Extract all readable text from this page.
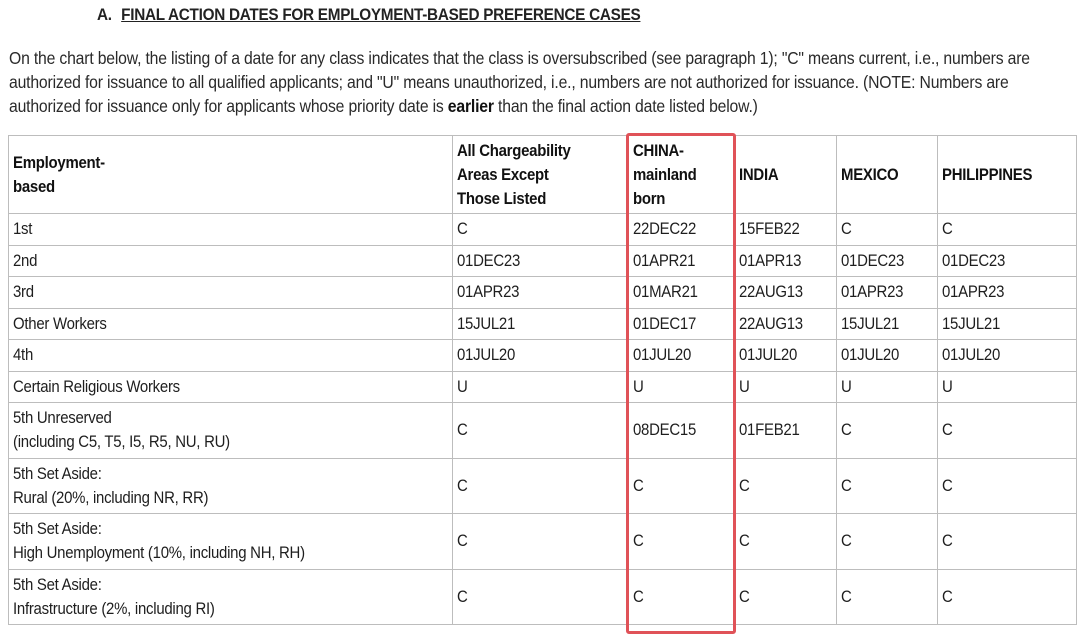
A. FINAL ACTION DATES FOR EMPLOYMENT-BASED PREFERENCE CASES
On the chart below, the listing of a date for any class indicates that the class is oversubscribed (see paragraph 1); "C" means current, i.e., numbers are authorized for issuance to all qualified applicants; and "U" means unauthorized, i.e., numbers are not authorized for issuance. (NOTE: Numbers are authorized for issuance only for applicants whose priority date is earlier than the final action date listed below.)
Employment-
based	All Chargeability
Areas Except
Those Listed	CHINA-
mainland
born	INDIA	MEXICO	PHILIPPINES
1st	C	22DEC22	15FEB22	C	C
2nd	01DEC23	01APR21	01APR13	01DEC23	01DEC23
3rd	01APR23	01MAR21	22AUG13	01APR23	01APR23
Other Workers	15JUL21	01DEC17	22AUG13	15JUL21	15JUL21
4th	01JUL20	01JUL20	01JUL20	01JUL20	01JUL20
Certain Religious Workers	U	U	U	U	U
5th Unreserved
(including C5, T5, I5, R5, NU, RU)	C	08DEC15	01FEB21	C	C
5th Set Aside:
Rural (20%, including NR, RR)	C	C	C	C	C
5th Set Aside:
High Unemployment (10%, including NH, RH)	C	C	C	C	C
5th Set Aside:
Infrastructure (2%, including RI)	C	C	C	C	C
